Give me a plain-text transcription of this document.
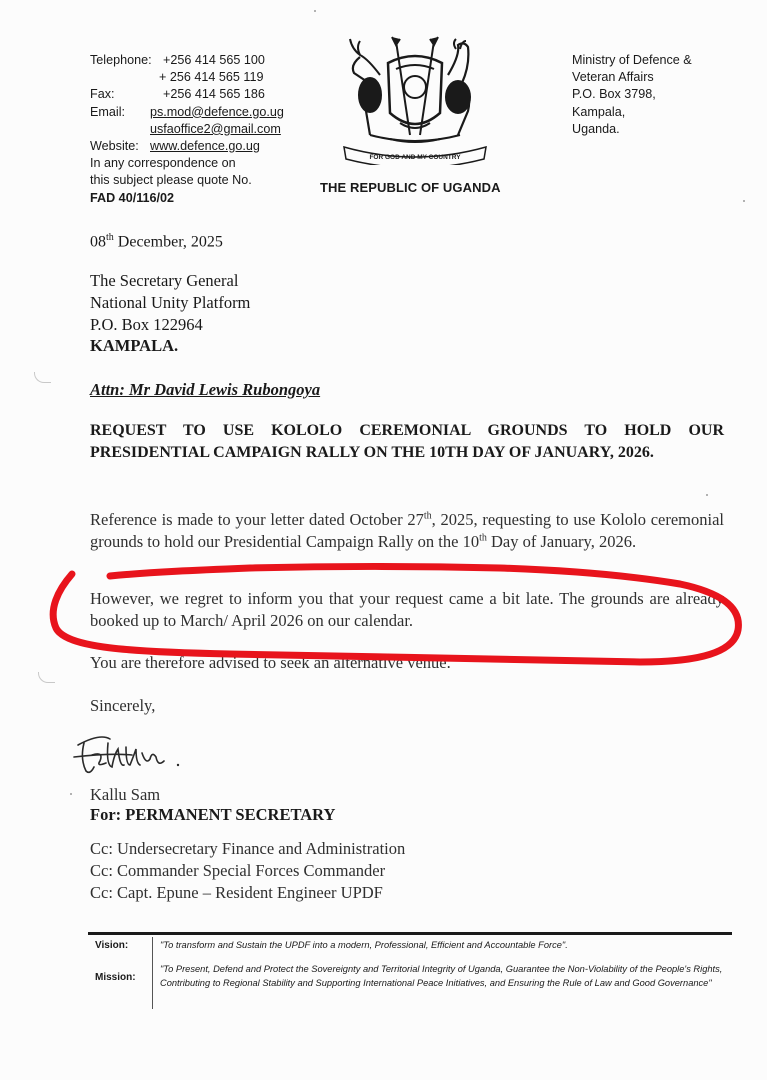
Telephone: +256 414 565 100
+ 256 414 565 119
Fax:	+256 414 565 186
Email: ps.mod@defence.go.ug
usfaoffice2@gmail.com
Website: www.defence.go.ug
In any correspondence on
this subject please quote No.
FAD 40/116/02
FOR GOD AND MY COUNTRY
THE REPUBLIC OF UGANDA
Ministry of Defence &
Veteran Affairs
P.O. Box 3798,
Kampala,
Uganda.
08th December, 2025
The Secretary General
National Unity Platform
P.O. Box 122964
KAMPALA.
Attn: Mr David Lewis Rubongoya
REQUEST TO USE KOLOLO CEREMONIAL GROUNDS TO HOLD OUR PRESIDENTIAL CAMPAIGN RALLY ON THE 10TH DAY OF JANUARY, 2026.
Reference is made to your letter dated October 27th, 2025, requesting to use Kololo ceremonial grounds to hold our Presidential Campaign Rally on the 10th Day of January, 2026.
However, we regret to inform you that your request came a bit late. The grounds are already booked up to March/ April 2026 on our calendar.
You are therefore advised to seek an alternative venue.
Sincerely,
Kallu Sam
For: PERMANENT SECRETARY
Cc: Undersecretary Finance and Administration
Cc: Commander Special Forces Commander
Cc: Capt. Epune – Resident Engineer UPDF
Vision:	"To transform and Sustain the UPDF into a modern, Professional, Efficient and Accountable Force".
Mission:
"To Present, Defend and Protect the Sovereignty and Territorial Integrity of Uganda, Guarantee the Non-Violability of the People's Rights, Contributing to Regional Stability and Supporting International Peace Initiatives, and Ensuring the Rule of Law and Good Governance"
